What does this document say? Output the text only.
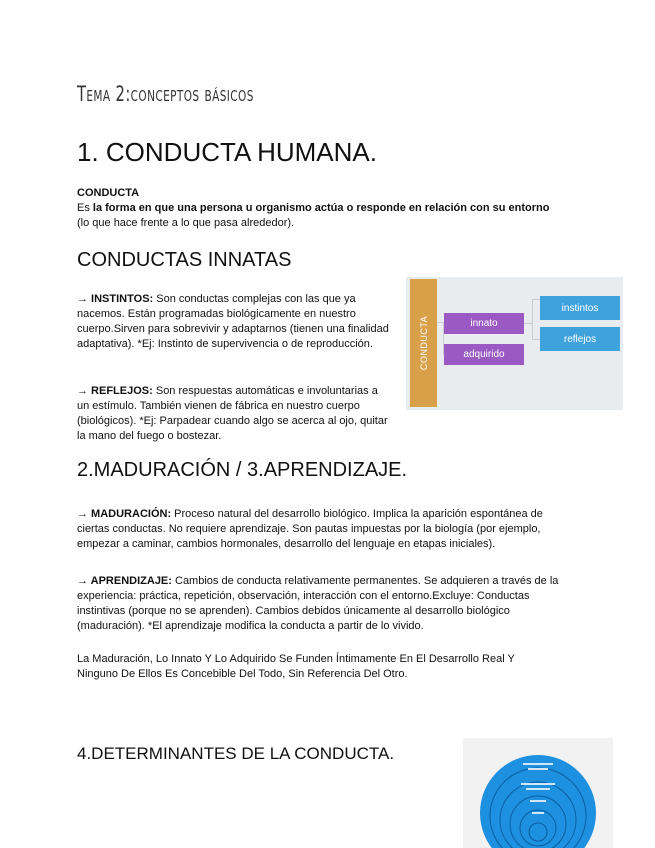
Tema 2:conceptos básicos
1. CONDUCTA HUMANA.
CONDUCTA
Es la forma en que una persona u organismo actúa o responde en relación con su entorno (lo que hace frente a lo que pasa alrededor).
CONDUCTAS INNATAS
→ INSTINTOS: Son conductas complejas con las que ya nacemos. Están programadas biológicamente en nuestro cuerpo.Sirven para sobrevivir y adaptarnos (tienen una finalidad adaptativa). *Ej: Instinto de supervivencia o de reproducción.
→ REFLEJOS: Son respuestas automáticas e involuntarias a un estímulo. También vienen de fábrica en nuestro cuerpo (biológicos). *Ej: Parpadear cuando algo se acerca al ojo, quitar la mano del fuego o bostezar.
CONDUCTA	innato
adquirido
instintos
reflejos
2.MADURACIÓN / 3.APRENDIZAJE.
→ MADURACIÓN: Proceso natural del desarrollo biológico. Implica la aparición espontánea de ciertas conductas. No requiere aprendizaje. Son pautas impuestas por la biología (por ejemplo, empezar a caminar, cambios hormonales, desarrollo del lenguaje en etapas iniciales).
→ APRENDIZAJE: Cambios de conducta relativamente permanentes. Se adquieren a través de la experiencia: práctica, repetición, observación, interacción con el entorno.Excluye: Conductas instintivas (porque no se aprenden). Cambios debidos únicamente al desarrollo biológico (maduración). *El aprendizaje modifica la conducta a partir de lo vivido.
La Maduración, Lo Innato Y Lo Adquirido Se Funden Íntimamente En El Desarrollo Real Y Ninguno De Ellos Es Concebible Del Todo, Sin Referencia Del Otro.
4.DETERMINANTES DE LA CONDUCTA.
